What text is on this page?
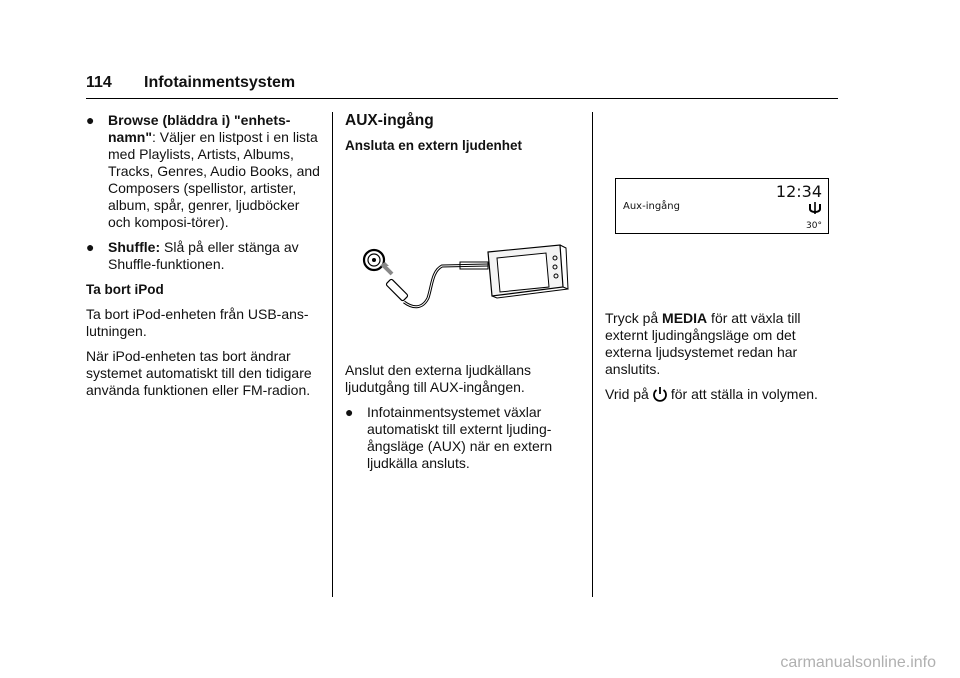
114 Infotainmentsystem

● Browse (bläddra i) "enhets-namn": Väljer en listpost i en lista med Playlists, Artists, Albums, Tracks, Genres, Audio Books, and Composers (spellistor, artister, album, spår, genrer, ljudböcker och komposi-törer).

● Shuffle: Slå på eller stänga av Shuffle-funktionen.

Ta bort iPod

Ta bort iPod-enheten från USB-ans-lutningen.

När iPod-enheten tas bort ändrar systemet automatiskt till den tidigare använda funktionen eller FM-radion.

AUX-ingång

Ansluta en extern ljudenhet

Anslut den externa ljudkällans ljudutgång till AUX-ingången.

● Infotainmentsystemet växlar automatiskt till externt ljuding-ångsläge (AUX) när en extern ljudkälla ansluts.

12:34
Aux-ingång
30°

Tryck på MEDIA för att växla till externt ljudingångsläge om det externa ljudsystemet redan har anslutits.

Vrid på för att ställa in volymen.

carmanualsonline.info
